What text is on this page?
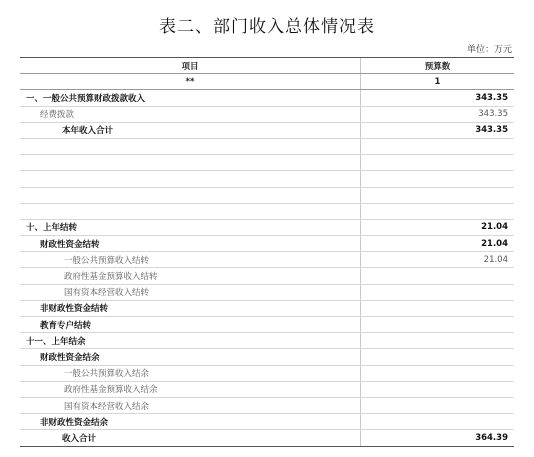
表二、部门收入总体情况表
单位：万元
项目	预算数
**	1
一、一般公共预算财政拨款收入	343.35
经费拨款	343.35
本年收入合计	343.35
十、上年结转	21.04
财政性资金结转	21.04
一般公共预算收入结转	21.04
政府性基金预算收入结转
国有资本经营收入结转
非财政性资金结转
教育专户结转
十一、上年结余
财政性资金结余
一般公共预算收入结余
政府性基金预算收入结余
国有资本经营收入结余
非财政性资金结余
收入合计	364.39
